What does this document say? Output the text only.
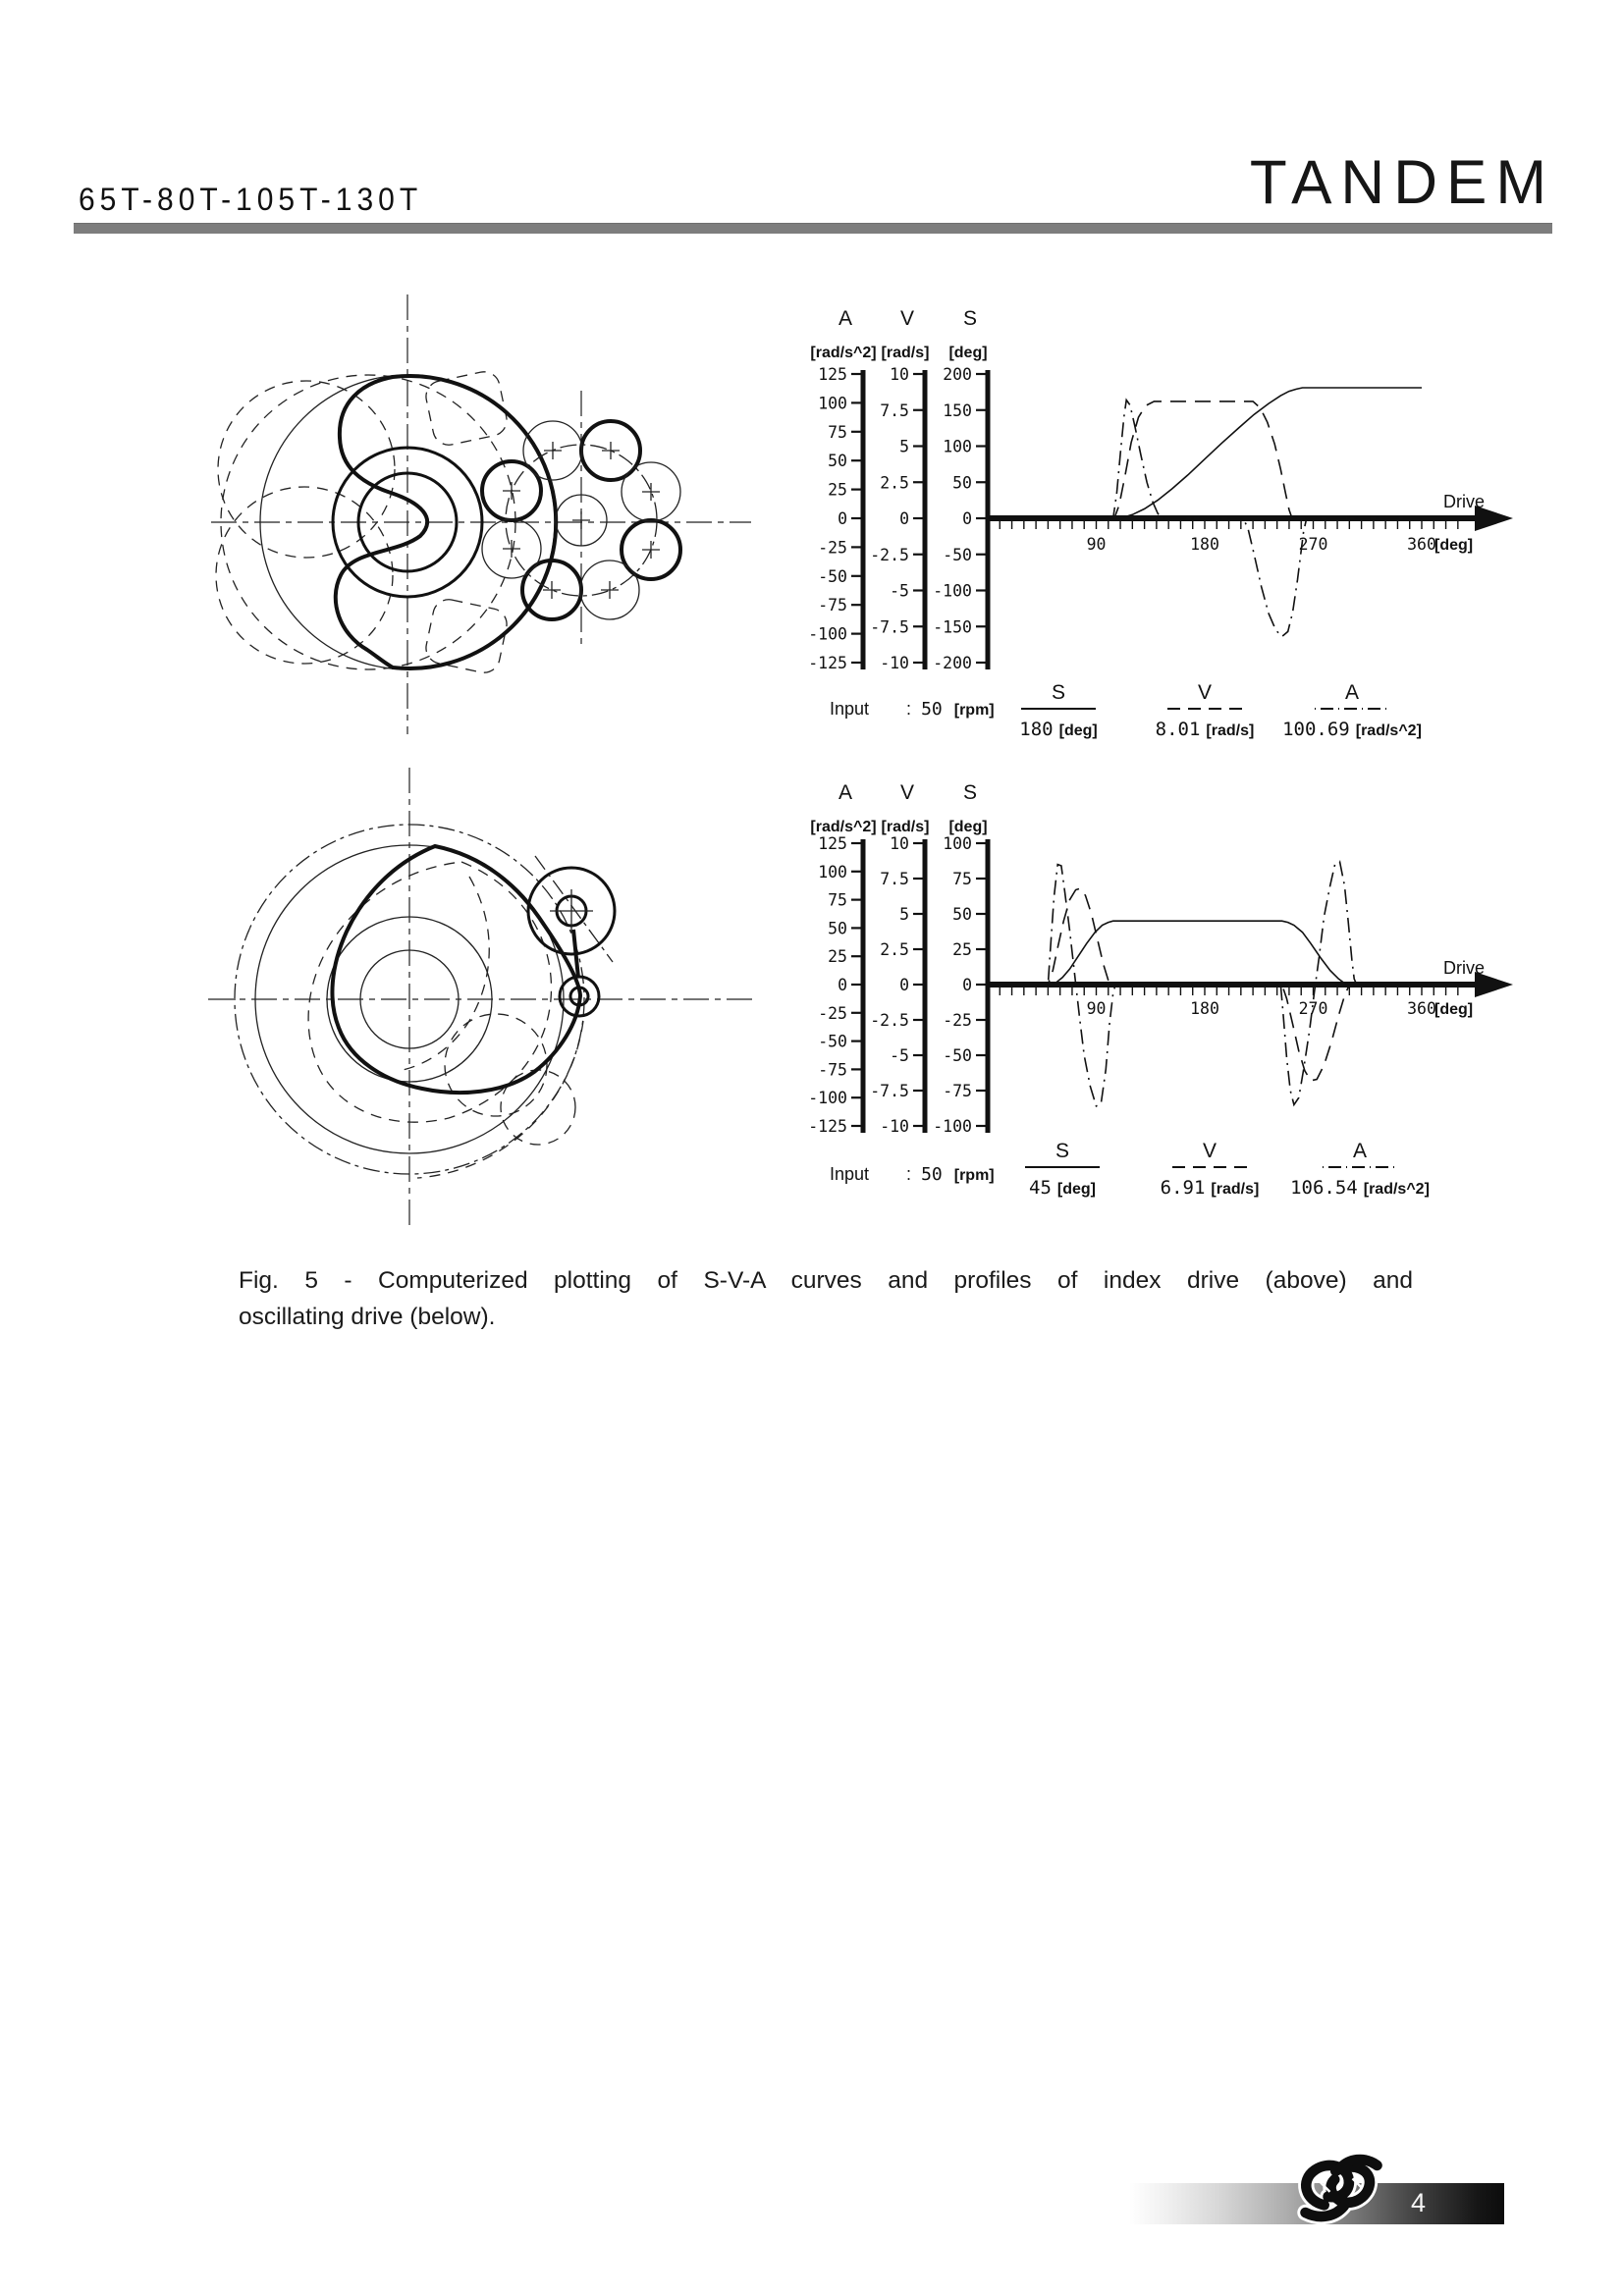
65T-80T-105T-130T	TANDEM
A
[rad/s^2]
125
100
75
50
25
0
-25
-50
-75
-100
-125
V
[rad/s]
10
7.5
5
2.5
0
-2.5
-5
-7.5
-10
S
[deg]
200
150
100
50
0
-50
-100
-150
-200
90	180	270	360
[deg]
Drive
A
[rad/s^2]
125
100
75
50
25
0
-25
-50
-75
-100
-125
V
[rad/s]
10
7.5
5
2.5
0
-2.5
-5
-7.5
-10
S
[deg]
100
75
50
25
0
-25
-50
-75
-100
90	180	270	360
[deg]
Drive
Input : 50 [rpm]
S
180 [deg]
V
8.01 [rad/s]
A
100.69 [rad/s^2]
Input : 50 [rpm]
S
45 [deg]
V
6.91 [rad/s]
A
106.54 [rad/s^2]
Fig. 5 - Computerized plotting of S-V-A curves and profiles of index drive (above) and
oscillating drive (below).
4
